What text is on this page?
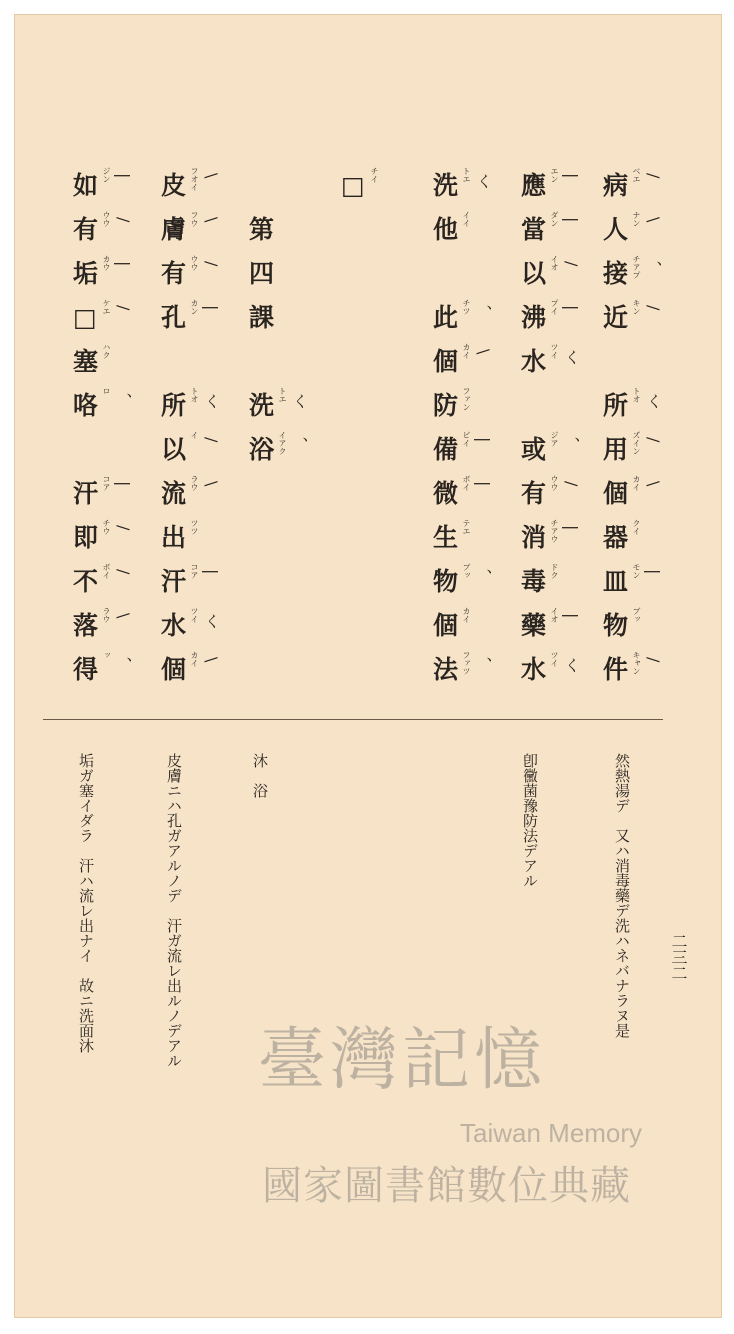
病 ベエ /
人 ナン \
接 チアプ 、
近 キン /
所 トオ く
用 ズイン /
個 カイ \
器 クイ
皿 モン |
物 ブッ
件 キャン /
應 エン |
當 ダン |
以 イオ /
沸 プイ |
水 ツイ く
或 ジア 、
有 ウウ /
消 チアウ |
毒 ドク
藥 イオ |
水 ツイ く
洗 トエ く
他 イイ
此 チツ 、
個 カイ \
防 ファン
備 ビイ |
微 ボイ |
生 テエ
物 ブッ 、
個 カイ
法 ファツ 、
□ チイ
第
四
課
洗 トエ く
浴 イアク 、
皮 フオイ \
膚 フウ \
有 ウウ /
孔 カン |
所 トオ く
以 イ
/
流 ラウ \
出 ツツ
汗 コア |
水 ツイ く
個 カイ \
如 ジン |
有 ウウ /
垢 カウ |
□ ケエ /
塞 ハク
咯 ロ
、
汗 コア |
即 チウ /
不 ボイ /
落 ラウ \
得 ッ
、
然熱湯デ　又ハ消毒藥デ洗ハネバナラヌ是
卽黴菌豫防法デアル
沐　浴
皮膚ニハ孔ガアルノデ　汗ガ流レ出ルノデアル
垢ガ塞イダラ　汗ハ流レ出ナイ　故ニ洗面沐	二三二
臺灣記憶
Taiwan Memory
國家圖書館數位典藏
